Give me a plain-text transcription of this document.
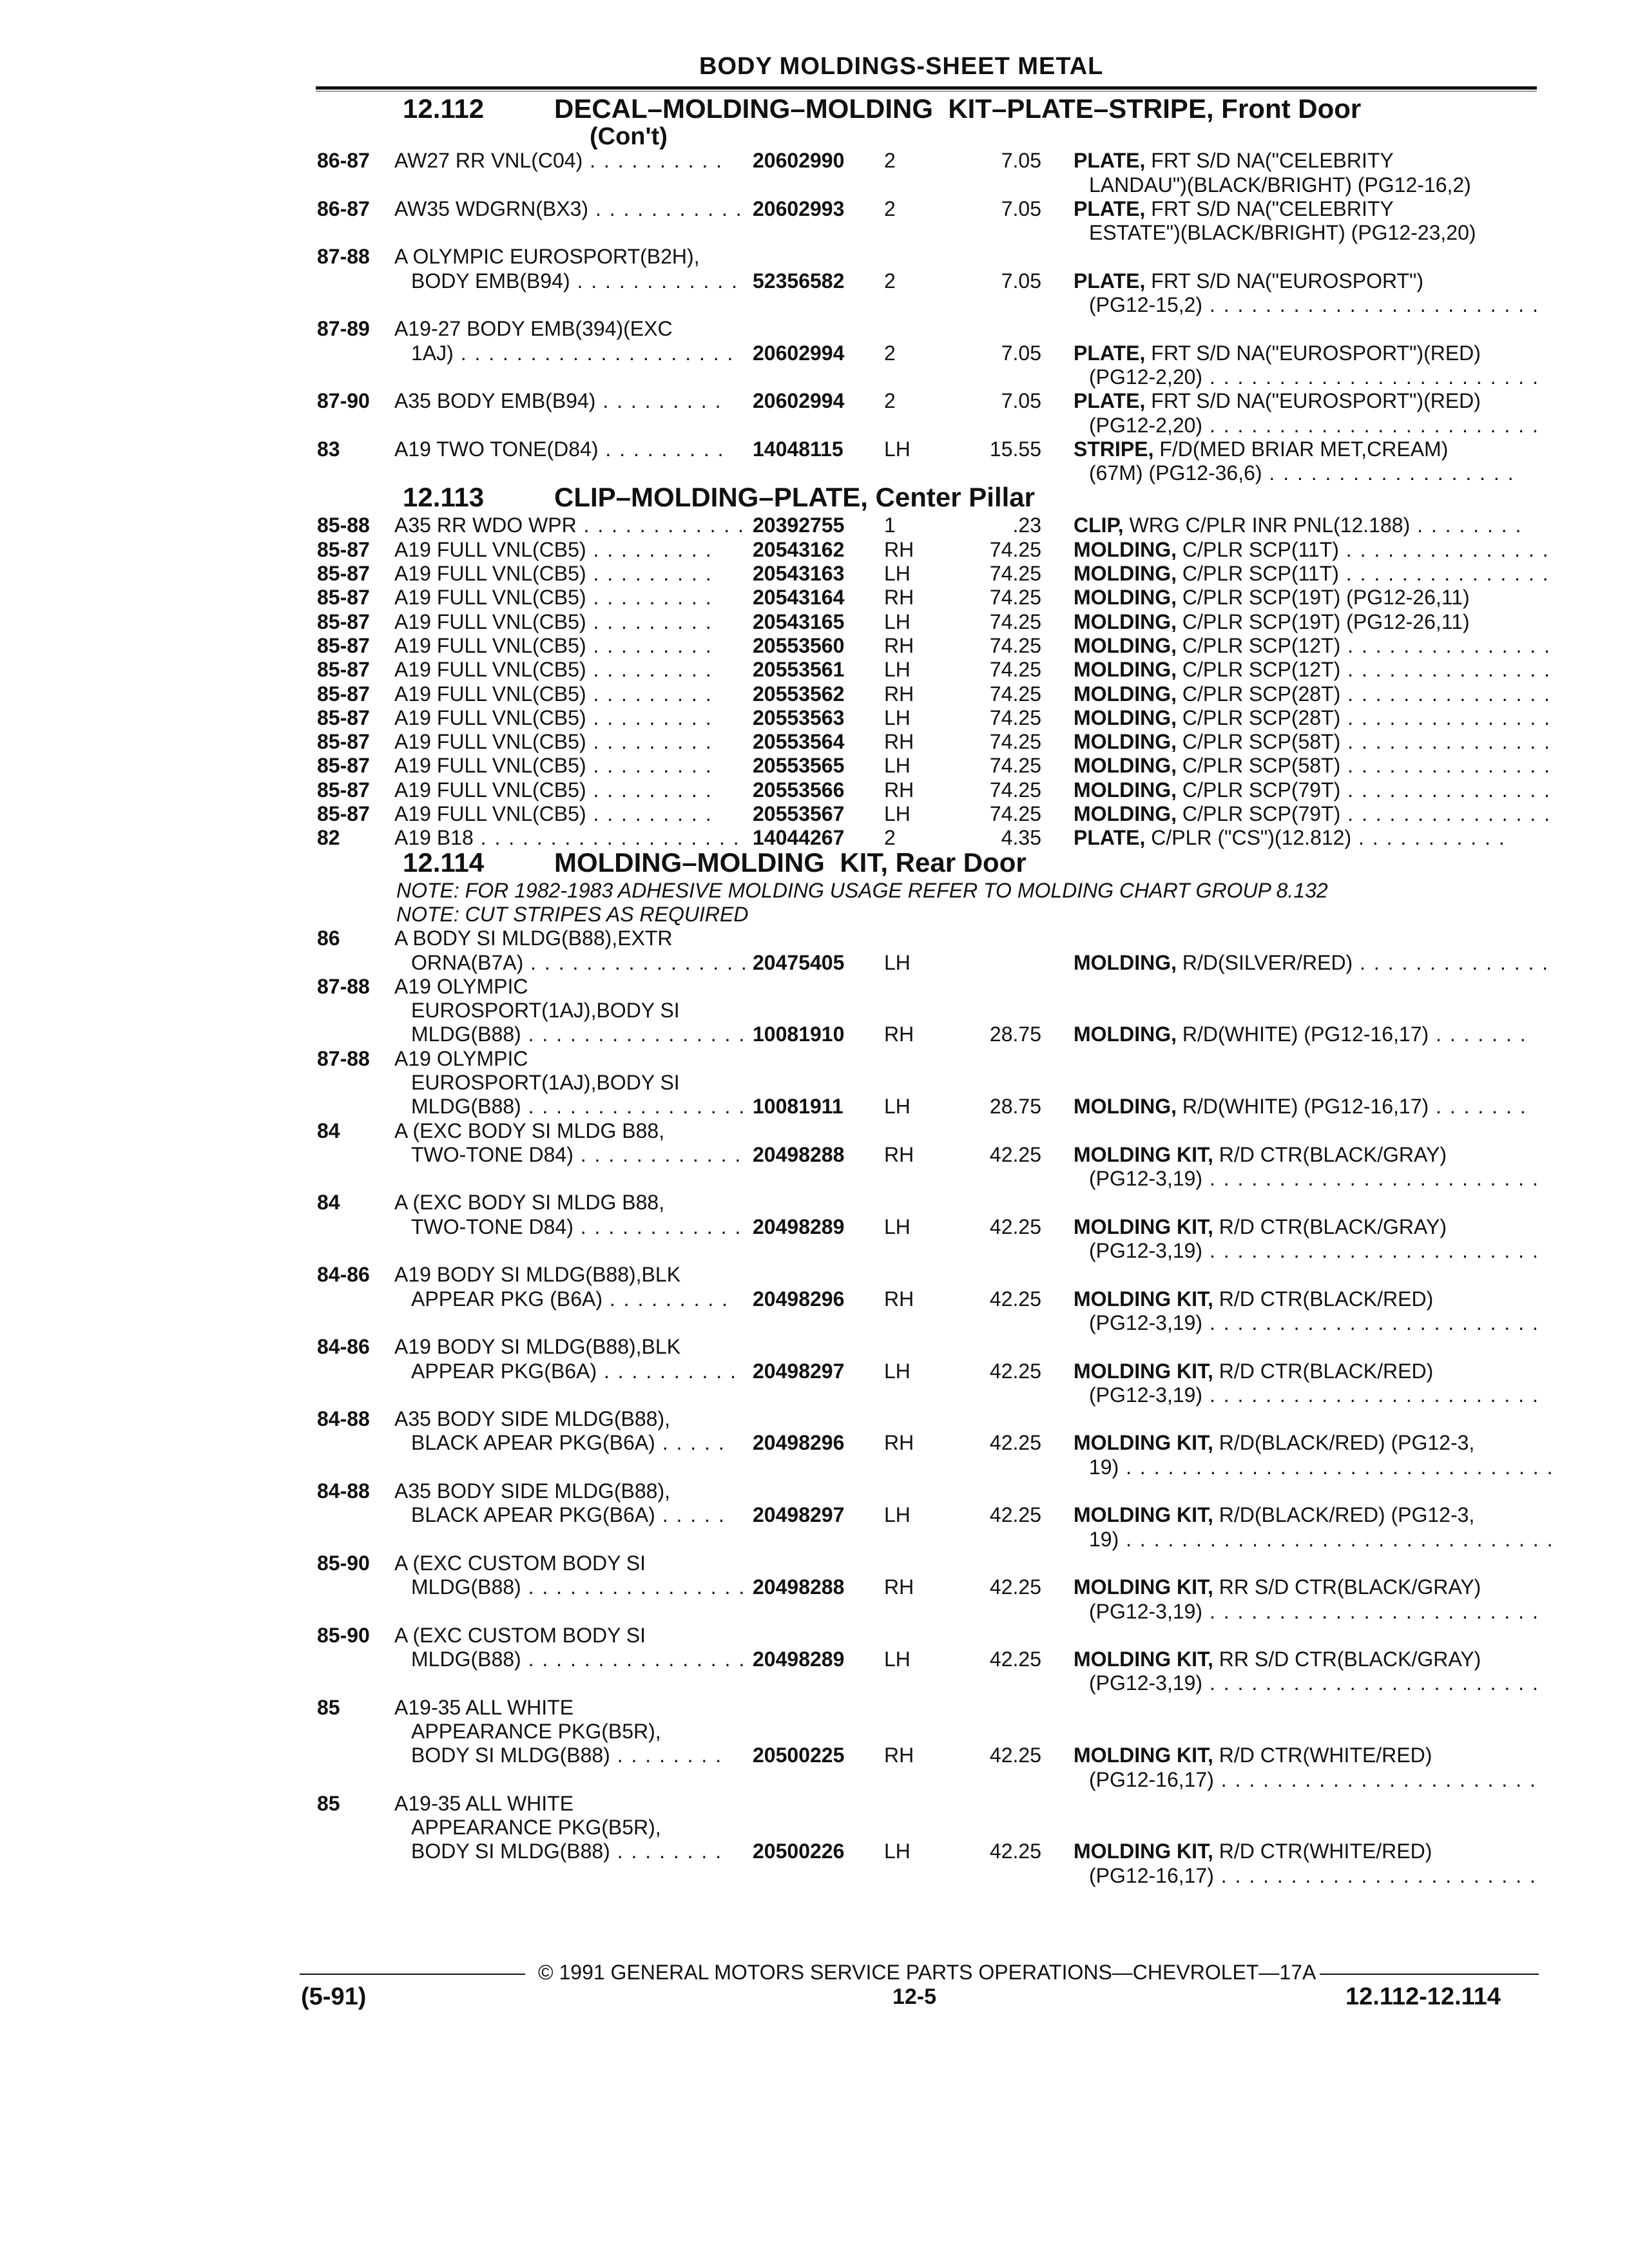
BODY MOLDINGS-SHEET METAL
12.112	DECAL–MOLDING–MOLDING  KIT–PLATE–STRIPE, Front Door
(Con't)
86-87 AW27 RR VNL(C04) . . . . . . . . . . 20602990 2	7.05 PLATE, FRT S/D NA("CELEBRITY
LANDAU")(BLACK/BRIGHT) (PG12-16,2)
86-87 AW35 WDGRN(BX3) . . . . . . . . . . . 20602993 2	7.05 PLATE, FRT S/D NA("CELEBRITY
ESTATE")(BLACK/BRIGHT) (PG12-23,20)
87-88 A OLYMPIC EUROSPORT(B2H),
BODY EMB(B94) . . . . . . . . . . . . 52356582 2	7.05 PLATE, FRT S/D NA("EUROSPORT")
(PG12-15,2) . . . . . . . . . . . . . . . . . . . . . . . .
87-89 A19-27 BODY EMB(394)(EXC
1AJ) . . . . . . . . . . . . . . . . . . . . 20602994 2	7.05 PLATE, FRT S/D NA("EUROSPORT")(RED)
(PG12-2,20) . . . . . . . . . . . . . . . . . . . . . . . .
87-90 A35 BODY EMB(B94) . . . . . . . . . 20602994 2	7.05 PLATE, FRT S/D NA("EUROSPORT")(RED)
(PG12-2,20) . . . . . . . . . . . . . . . . . . . . . . . .
83	A19 TWO TONE(D84) . . . . . . . . . 14048115 LH	15.55 STRIPE, F/D(MED BRIAR MET,CREAM)
(67M) (PG12-36,6) . . . . . . . . . . . . . . . . . .
12.113	CLIP–MOLDING–PLATE, Center Pillar
85-88 A35 RR WDO WPR . . . . . . . . . . . . 20392755 1	.23 CLIP, WRG C/PLR INR PNL(12.188) . . . . . . . .
85-87 A19 FULL VNL(CB5) . . . . . . . . . 20543162 RH	74.25 MOLDING, C/PLR SCP(11T) . . . . . . . . . . . . . . .
85-87 A19 FULL VNL(CB5) . . . . . . . . . 20543163 LH	74.25 MOLDING, C/PLR SCP(11T) . . . . . . . . . . . . . . .
85-87 A19 FULL VNL(CB5) . . . . . . . . . 20543164 RH	74.25 MOLDING, C/PLR SCP(19T) (PG12-26,11)
85-87 A19 FULL VNL(CB5) . . . . . . . . . 20543165 LH	74.25 MOLDING, C/PLR SCP(19T) (PG12-26,11)
85-87 A19 FULL VNL(CB5) . . . . . . . . . 20553560 RH	74.25 MOLDING, C/PLR SCP(12T) . . . . . . . . . . . . . . .
85-87 A19 FULL VNL(CB5) . . . . . . . . . 20553561 LH	74.25 MOLDING, C/PLR SCP(12T) . . . . . . . . . . . . . . .
85-87 A19 FULL VNL(CB5) . . . . . . . . . 20553562 RH	74.25 MOLDING, C/PLR SCP(28T) . . . . . . . . . . . . . . .
85-87 A19 FULL VNL(CB5) . . . . . . . . . 20553563 LH	74.25 MOLDING, C/PLR SCP(28T) . . . . . . . . . . . . . . .
85-87 A19 FULL VNL(CB5) . . . . . . . . . 20553564 RH	74.25 MOLDING, C/PLR SCP(58T) . . . . . . . . . . . . . . .
85-87 A19 FULL VNL(CB5) . . . . . . . . . 20553565 LH	74.25 MOLDING, C/PLR SCP(58T) . . . . . . . . . . . . . . .
85-87 A19 FULL VNL(CB5) . . . . . . . . . 20553566 RH	74.25 MOLDING, C/PLR SCP(79T) . . . . . . . . . . . . . . .
85-87 A19 FULL VNL(CB5) . . . . . . . . . 20553567 LH	74.25 MOLDING, C/PLR SCP(79T) . . . . . . . . . . . . . . .
82	A19 B18 . . . . . . . . . . . . . . . . . . . 14044267 2	4.35 PLATE, C/PLR ("CS")(12.812) . . . . . . . . . . .
12.114	MOLDING–MOLDING  KIT, Rear Door
NOTE: FOR 1982-1983 ADHESIVE MOLDING USAGE REFER TO MOLDING CHART GROUP 8.132
NOTE: CUT STRIPES AS REQUIRED
86	A BODY SI MLDG(B88),EXTR
ORNA(B7A) . . . . . . . . . . . . . . . . 20475405 LH	MOLDING, R/D(SILVER/RED) . . . . . . . . . . . . . .
87-88 A19 OLYMPIC
EUROSPORT(1AJ),BODY SI
MLDG(B88) . . . . . . . . . . . . . . . . 10081910 RH	28.75 MOLDING, R/D(WHITE) (PG12-16,17) . . . . . . .
87-88 A19 OLYMPIC
EUROSPORT(1AJ),BODY SI
MLDG(B88) . . . . . . . . . . . . . . . . 10081911 LH	28.75 MOLDING, R/D(WHITE) (PG12-16,17) . . . . . . .
84	A (EXC BODY SI MLDG B88,
TWO-TONE D84) . . . . . . . . . . . . 20498288 RH	42.25 MOLDING KIT, R/D CTR(BLACK/GRAY)
(PG12-3,19) . . . . . . . . . . . . . . . . . . . . . . . .
84	A (EXC BODY SI MLDG B88,
TWO-TONE D84) . . . . . . . . . . . . 20498289 LH	42.25 MOLDING KIT, R/D CTR(BLACK/GRAY)
(PG12-3,19) . . . . . . . . . . . . . . . . . . . . . . . .
84-86 A19 BODY SI MLDG(B88),BLK
APPEAR PKG (B6A) . . . . . . . . . 20498296 RH	42.25 MOLDING KIT, R/D CTR(BLACK/RED)
(PG12-3,19) . . . . . . . . . . . . . . . . . . . . . . . .
84-86 A19 BODY SI MLDG(B88),BLK
APPEAR PKG(B6A) . . . . . . . . . . 20498297 LH	42.25 MOLDING KIT, R/D CTR(BLACK/RED)
(PG12-3,19) . . . . . . . . . . . . . . . . . . . . . . . .
84-88 A35 BODY SIDE MLDG(B88),
BLACK APEAR PKG(B6A) . . . . . 20498296 RH	42.25 MOLDING KIT, R/D(BLACK/RED) (PG12-3,
19) . . . . . . . . . . . . . . . . . . . . . . . . . . . . . . .
84-88 A35 BODY SIDE MLDG(B88),
BLACK APEAR PKG(B6A) . . . . . 20498297 LH	42.25 MOLDING KIT, R/D(BLACK/RED) (PG12-3,
19) . . . . . . . . . . . . . . . . . . . . . . . . . . . . . . .
85-90 A (EXC CUSTOM BODY SI
MLDG(B88) . . . . . . . . . . . . . . . . 20498288 RH	42.25 MOLDING KIT, RR S/D CTR(BLACK/GRAY)
(PG12-3,19) . . . . . . . . . . . . . . . . . . . . . . . .
85-90 A (EXC CUSTOM BODY SI
MLDG(B88) . . . . . . . . . . . . . . . . 20498289 LH	42.25 MOLDING KIT, RR S/D CTR(BLACK/GRAY)
(PG12-3,19) . . . . . . . . . . . . . . . . . . . . . . . .
85	A19-35 ALL WHITE
APPEARANCE PKG(B5R),
BODY SI MLDG(B88) . . . . . . . . 20500225 RH	42.25 MOLDING KIT, R/D CTR(WHITE/RED)
(PG12-16,17) . . . . . . . . . . . . . . . . . . . . . . .
85	A19-35 ALL WHITE
APPEARANCE PKG(B5R),
BODY SI MLDG(B88) . . . . . . . . 20500226 LH	42.25 MOLDING KIT, R/D CTR(WHITE/RED)
(PG12-16,17) . . . . . . . . . . . . . . . . . . . . . . .
© 1991 GENERAL MOTORS SERVICE PARTS OPERATIONS—CHEVROLET—17A
(5-91)	12-5	12.112-12.114
